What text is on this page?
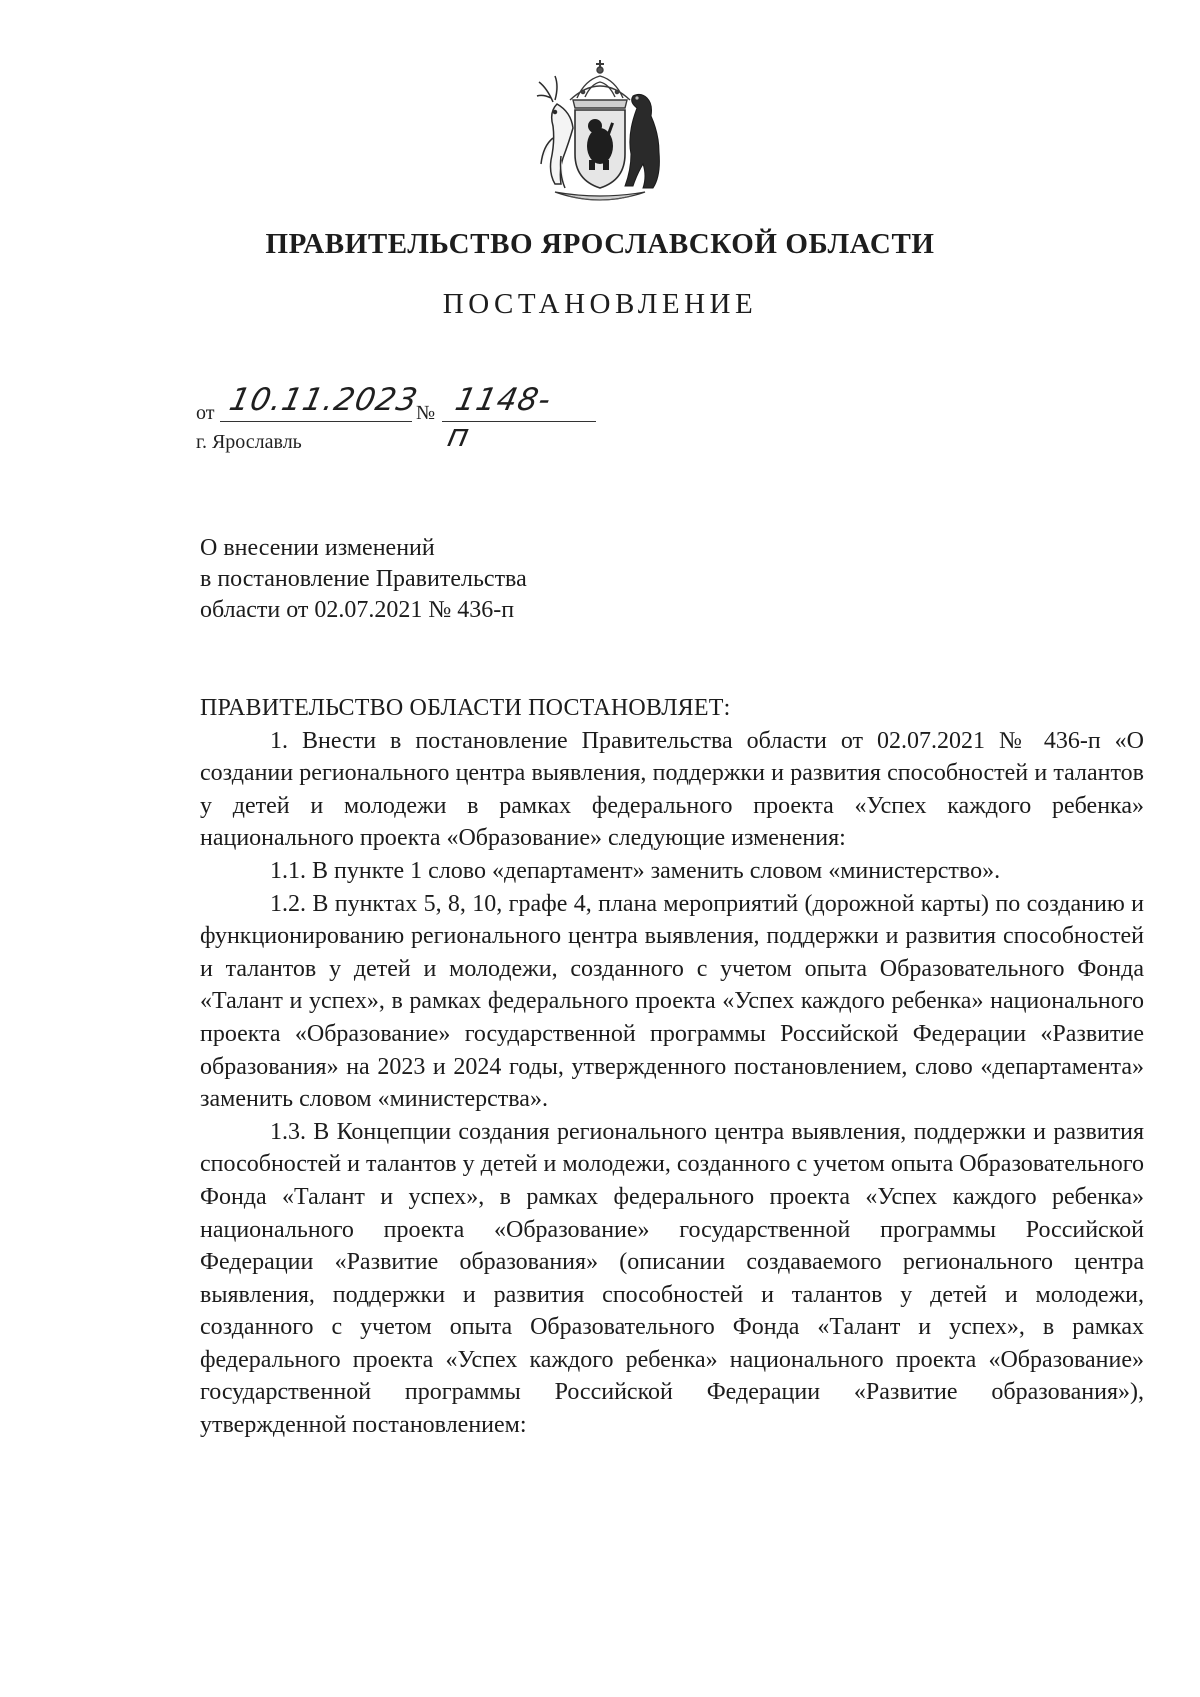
ПРАВИТЕЛЬСТВО ЯРОСЛАВСКОЙ ОБЛАСТИ
ПОСТАНОВЛЕНИЕ
от 10.11.2023
№ 1148-п
г. Ярославль
О внесении изменений
в постановление Правительства
области от 02.07.2021 № 436-п

ПРАВИТЕЛЬСТВО ОБЛАСТИ ПОСТАНОВЛЯЕТ:

1. Внести в постановление Правительства области от 02.07.2021 № 436-п «О создании регионального центра выявления, поддержки и развития способностей и талантов у детей и молодежи в рамках федерального проекта «Успех каждого ребенка» национального проекта «Образование» следующие изменения:

1.1. В пункте 1 слово «департамент» заменить словом «министерство».

1.2. В пунктах 5, 8, 10, графе 4, плана мероприятий (дорожной карты) по созданию и функционированию регионального центра выявления, поддержки и развития способностей и талантов у детей и молодежи, созданного с учетом опыта Образовательного Фонда «Талант и успех», в рамках федерального проекта «Успех каждого ребенка» национального проекта «Образование» государственной программы Российской Федерации «Развитие образования» на 2023 и 2024 годы, утвержденного постановлением, слово «департамента» заменить словом «министерства».

1.3. В Концепции создания регионального центра выявления, поддержки и развития способностей и талантов у детей и молодежи, созданного с учетом опыта Образовательного Фонда «Талант и успех», в рамках федерального проекта «Успех каждого ребенка» национального проекта «Образование» государственной программы Российской Федерации «Развитие образования» (описании создаваемого регионального центра выявления, поддержки и развития способностей и талантов у детей и молодежи, созданного с учетом опыта Образовательного Фонда «Талант и успех», в рамках федерального проекта «Успех каждого ребенка» национального проекта «Образование» государственной программы Российской Федерации «Развитие образования»), утвержденной постановлением:
